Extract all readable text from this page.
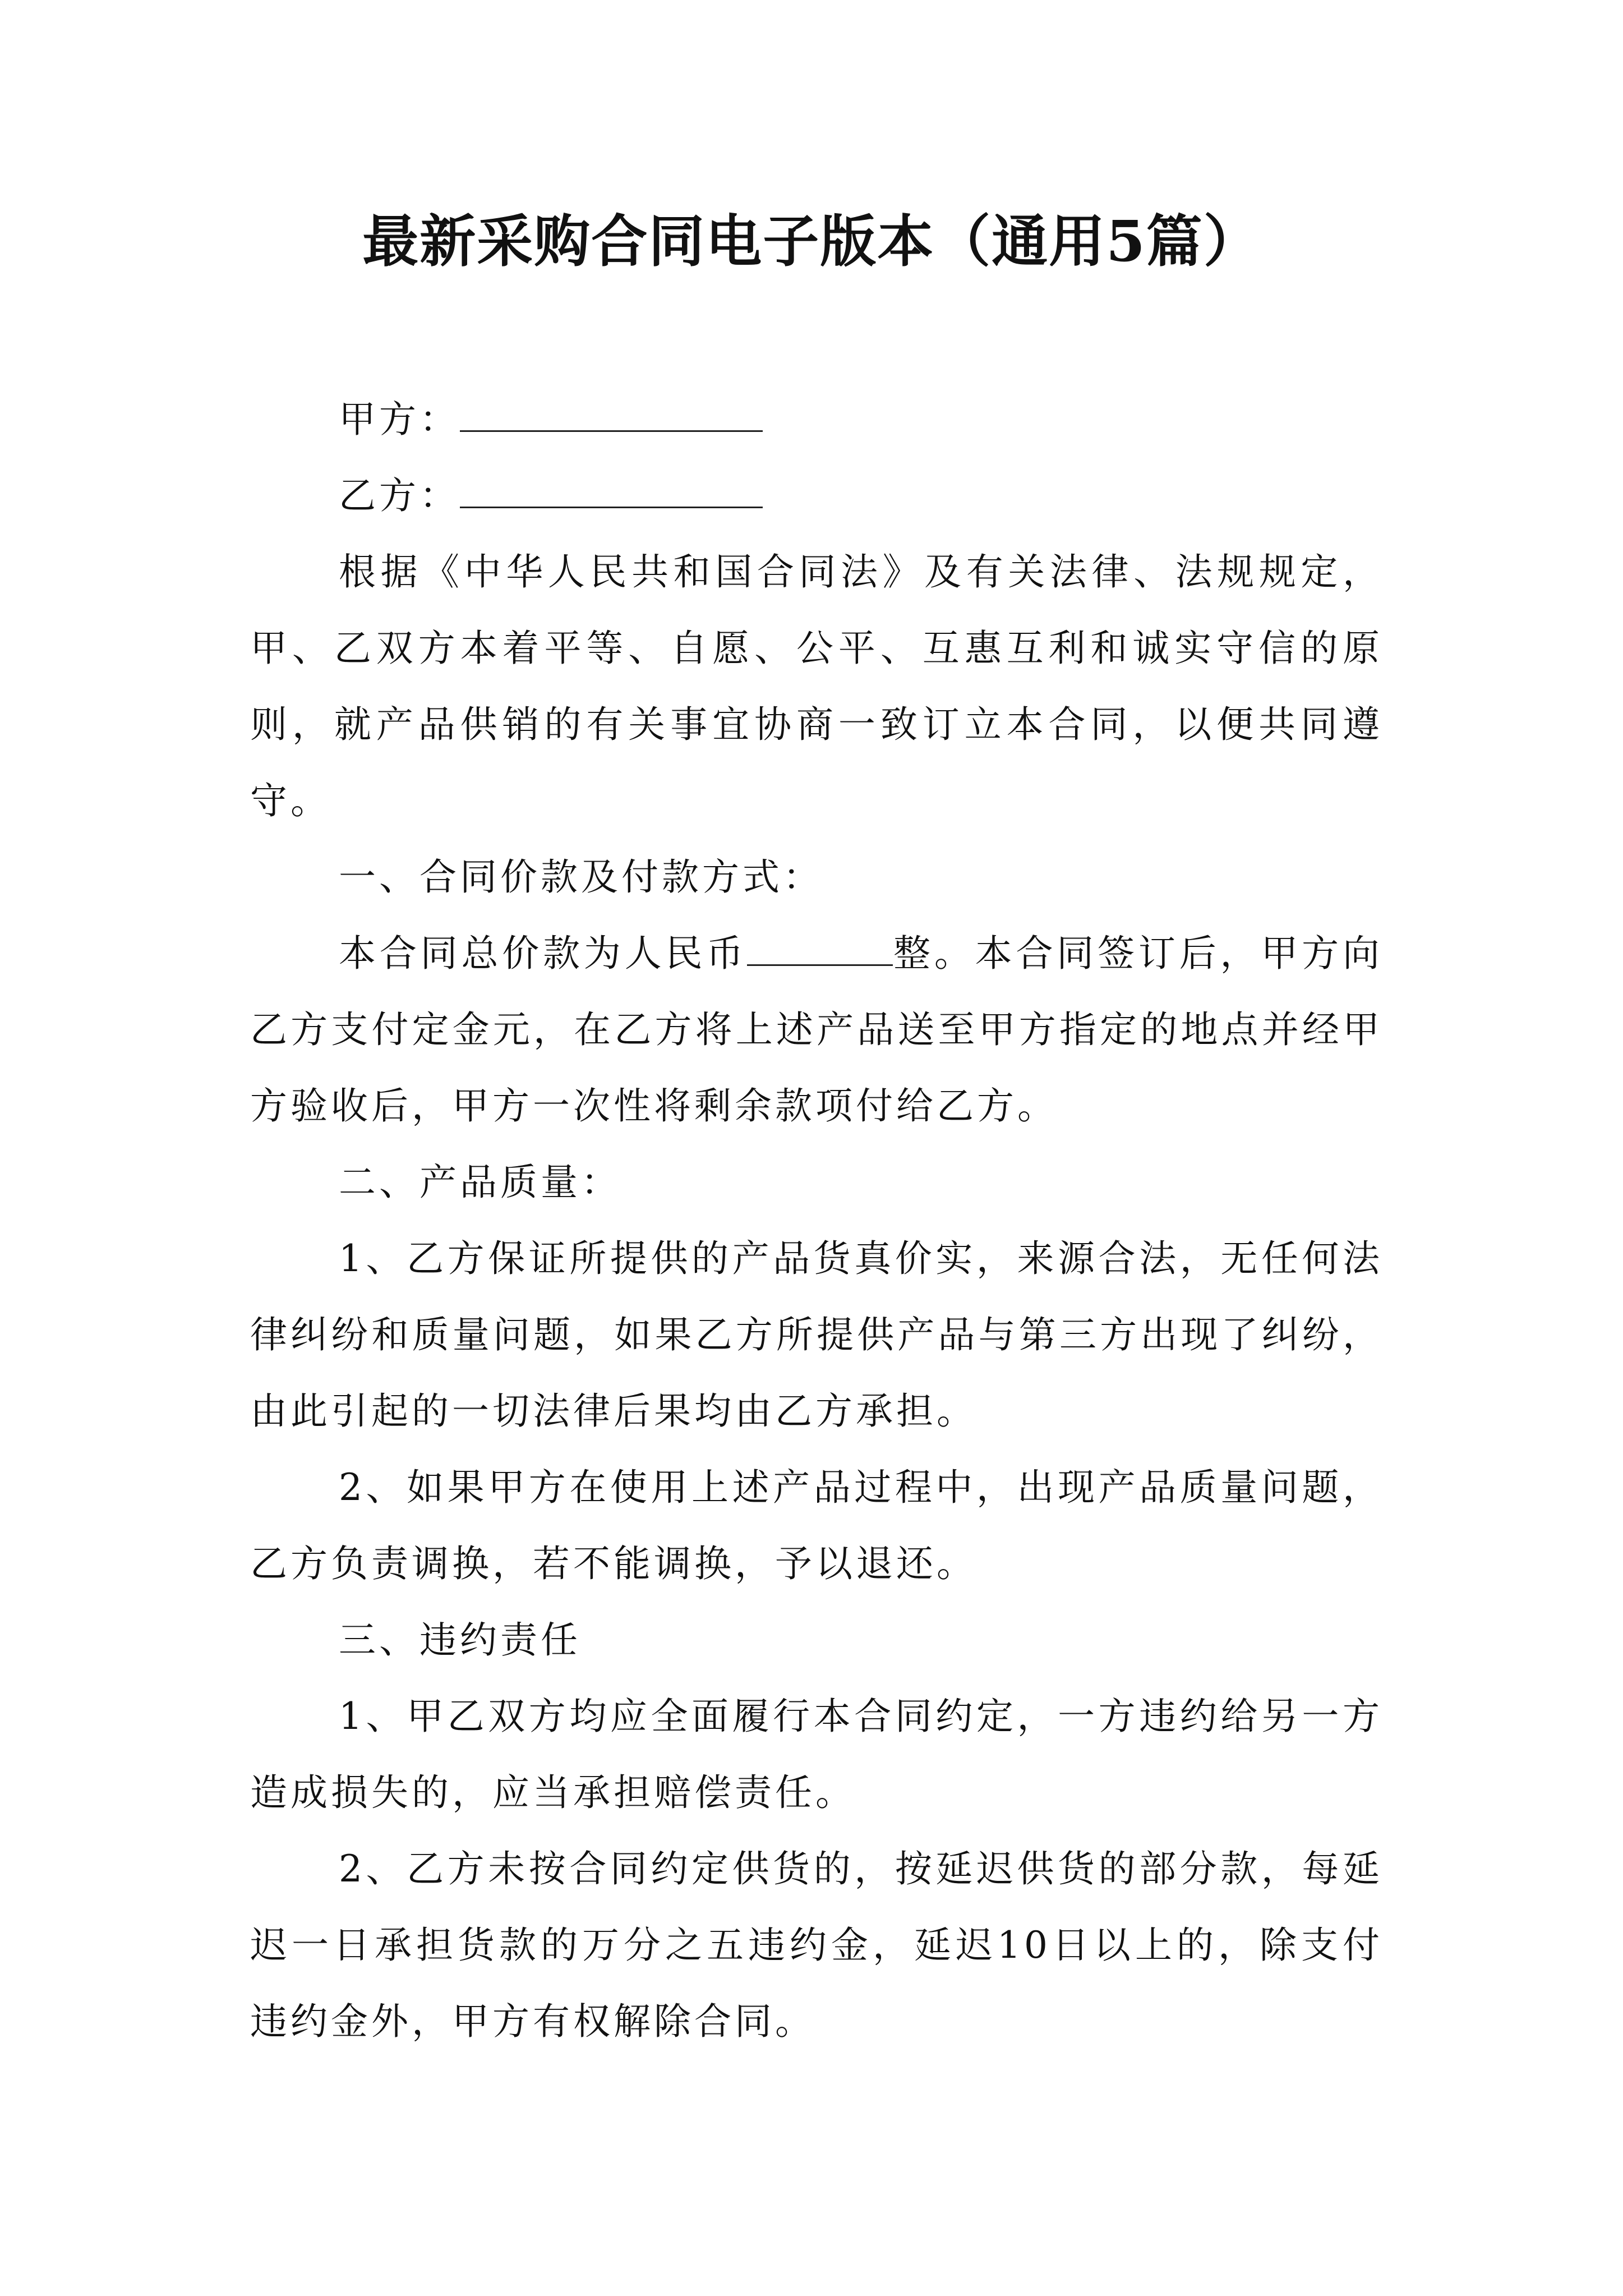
最新采购合同电子版本（通用5篇）

甲方：

乙方：

根据《中华人民共和国合同法》及有关法律、法规规定，甲、乙双方本着平等、自愿、公平、互惠互利和诚实守信的原则，就产品供销的有关事宜协商一致订立本合同，以便共同遵守。

一、合同价款及付款方式：

本合同总价款为人民币	整。本合同签订后，甲方向乙方支付定金元，在乙方将上述产品送至甲方指定的地点并经甲方验收后，甲方一次性将剩余款项付给乙方。

二、产品质量：

1、乙方保证所提供的产品货真价实，来源合法，无任何法律纠纷和质量问题，如果乙方所提供产品与第三方出现了纠纷，由此引起的一切法律后果均由乙方承担。

2、如果甲方在使用上述产品过程中，出现产品质量问题，乙方负责调换，若不能调换，予以退还。

三、违约责任

1、甲乙双方均应全面履行本合同约定，一方违约给另一方造成损失的，应当承担赔偿责任。

2、乙方未按合同约定供货的，按延迟供货的部分款，每延迟一日承担货款的万分之五违约金，延迟10日以上的，除支付违约金外，甲方有权解除合同。
